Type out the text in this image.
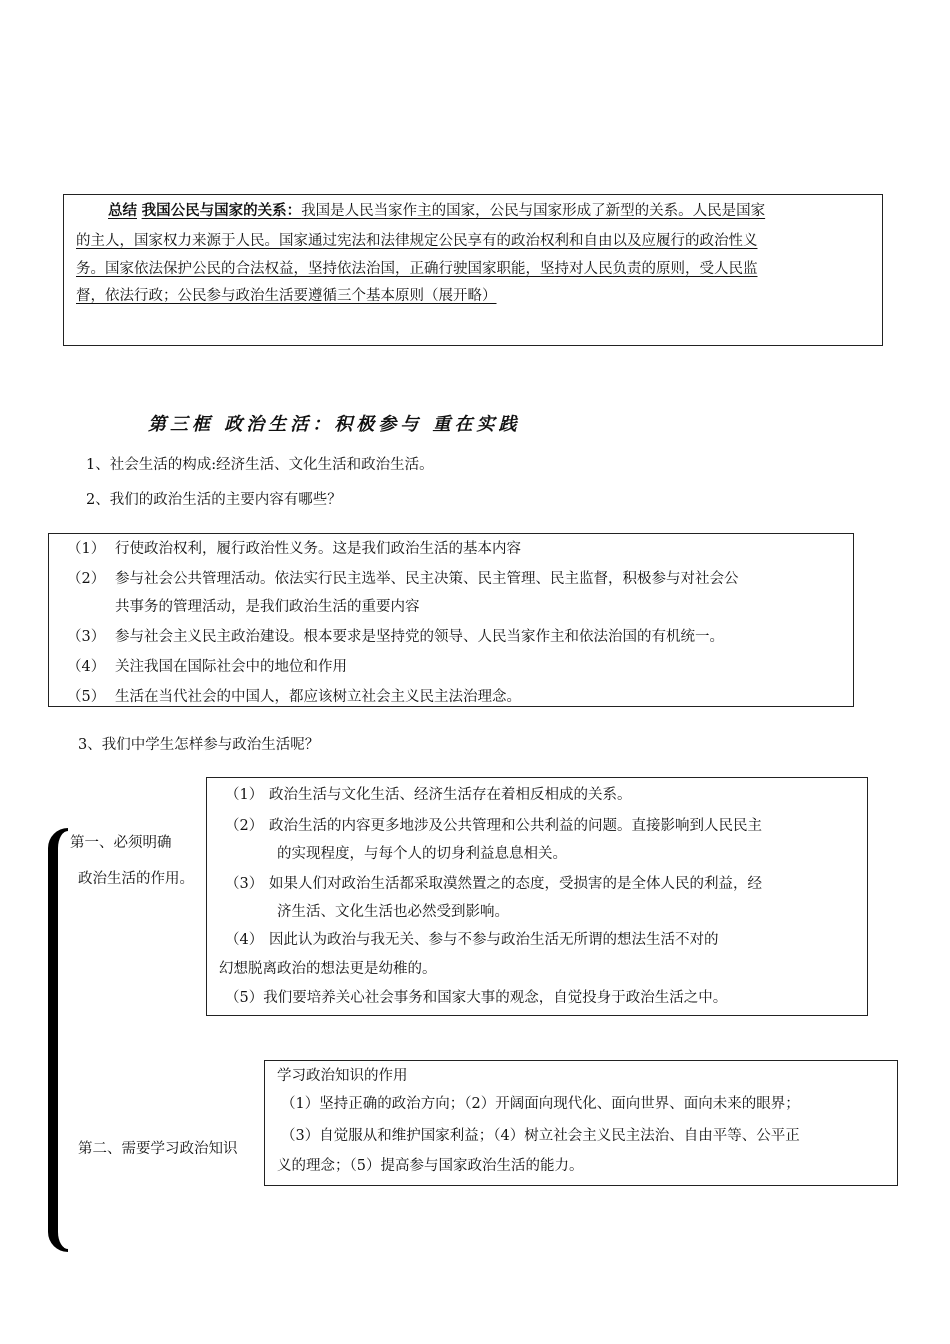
总结 我国公民与国家的关系：我国是人民当家作主的国家，公民与国家形成了新型的关系。人民是国家
的主人，国家权力来源于人民。国家通过宪法和法律规定公民享有的政治权利和自由以及应履行的政治性义
务。国家依法保护公民的合法权益，坚持依法治国，正确行驶国家职能，坚持对人民负责的原则，受人民监
督，依法行政；公民参与政治生活要遵循三个基本原则（展开略）
第三框 政治生活：积极参与 重在实践
1、社会生活的构成:经济生活、文化生活和政治生活。
2、我们的政治生活的主要内容有哪些？
（1） 行使政治权利，履行政治性义务。这是我们政治生活的基本内容
（2） 参与社会公共管理活动。依法实行民主选举、民主决策、民主管理、民主监督，积极参与对社会公
共事务的管理活动，是我们政治生活的重要内容
（3） 参与社会主义民主政治建设。根本要求是坚持党的领导、人民当家作主和依法治国的有机统一。
（4） 关注我国在国际社会中的地位和作用
（5） 生活在当代社会的中国人，都应该树立社会主义民主法治理念。
3、我们中学生怎样参与政治生活呢？
第一、必须明确
政治生活的作用。
（1） 政治生活与文化生活、经济生活存在着相反相成的关系。
（2） 政治生活的内容更多地涉及公共管理和公共利益的问题。直接影响到人民民主
的实现程度，与每个人的切身利益息息相关。
（3） 如果人们对政治生活都采取漠然置之的态度，受损害的是全体人民的利益，经
济生活、文化生活也必然受到影响。
（4） 因此认为政治与我无关、参与不参与政治生活无所谓的想法生活不对的
幻想脱离政治的想法更是幼稚的。
（5）我们要培养关心社会事务和国家大事的观念，自觉投身于政治生活之中。
第二、需要学习政治知识
学习政治知识的作用
（1）坚持正确的政治方向；（2）开阔面向现代化、面向世界、面向未来的眼界；
（3）自觉服从和维护国家利益；（4）树立社会主义民主法治、自由平等、公平正
义的理念；（5）提高参与国家政治生活的能力。
